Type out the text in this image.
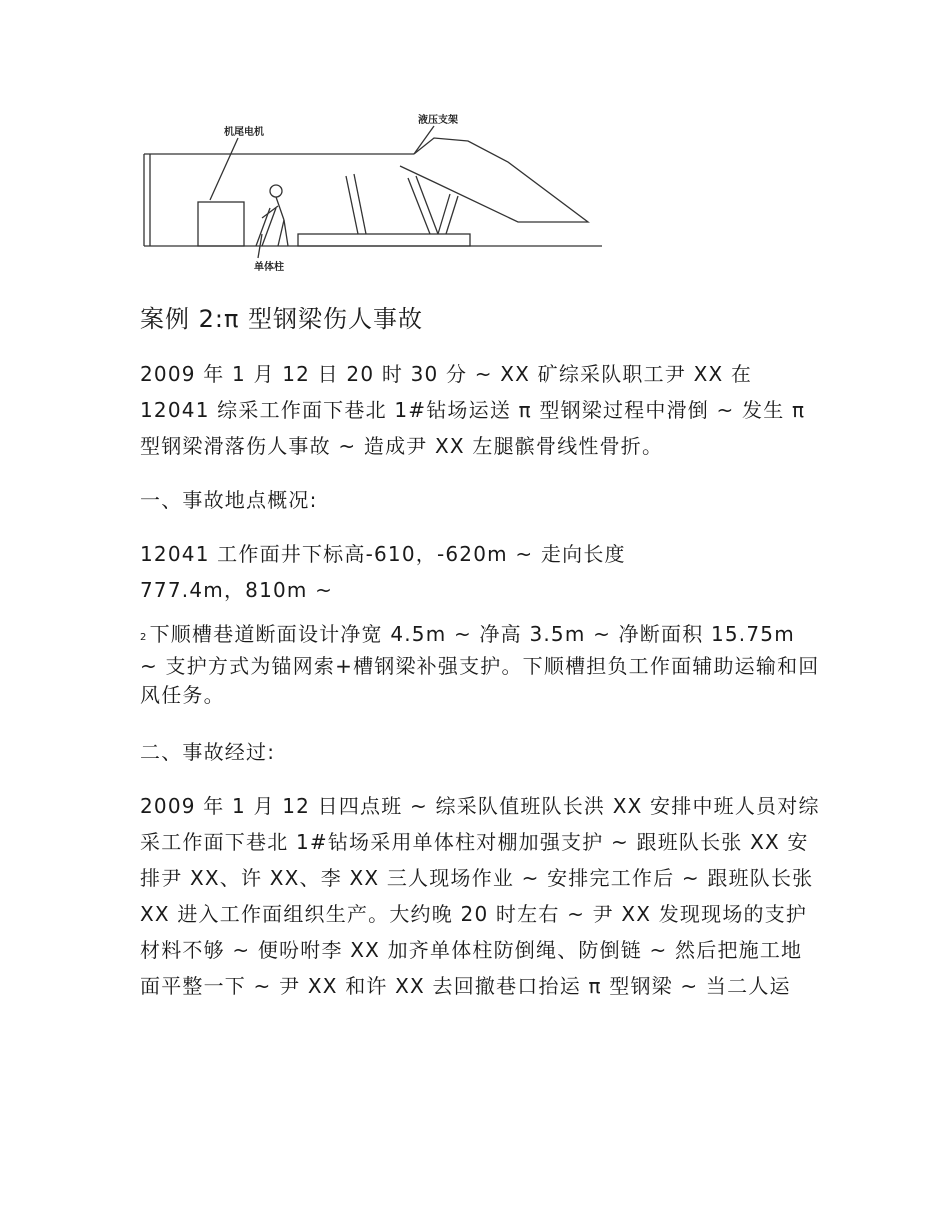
机尾电机
液压支架
单体柱
案例 2:π 型钢梁伤人事故

2009 年 1 月 12 日 20 时 30 分 ~ XX 矿综采队职工尹 XX 在 12041 综采工作面下巷北 1#钻场运送 π 型钢梁过程中滑倒 ~ 发生 π 型钢梁滑落伤人事故 ~ 造成尹 XX 左腿髌骨线性骨折。

一、事故地点概况:

12041 工作面井下标高-610，-620m ~ 走向长度
777.4m，810m ~

2 下顺槽巷道断面设计净宽 4.5m ~ 净高 3.5m ~ 净断面积 15.75m ~ 支护方式为锚网索+槽钢梁补强支护。下顺槽担负工作面辅助运输和回风任务。

二、事故经过:

2009 年 1 月 12 日四点班 ~ 综采队值班队长洪 XX 安排中班人员对综采工作面下巷北 1#钻场采用单体柱对棚加强支护 ~ 跟班队长张 XX 安排尹 XX、许 XX、李 XX 三人现场作业 ~ 安排完工作后 ~ 跟班队长张 XX 进入工作面组织生产。大约晚 20 时左右 ~ 尹 XX 发现现场的支护材料不够 ~ 便吩咐李 XX 加齐单体柱防倒绳、防倒链 ~ 然后把施工地面平整一下 ~ 尹 XX 和许 XX 去回撤巷口抬运 π 型钢梁 ~ 当二人运
